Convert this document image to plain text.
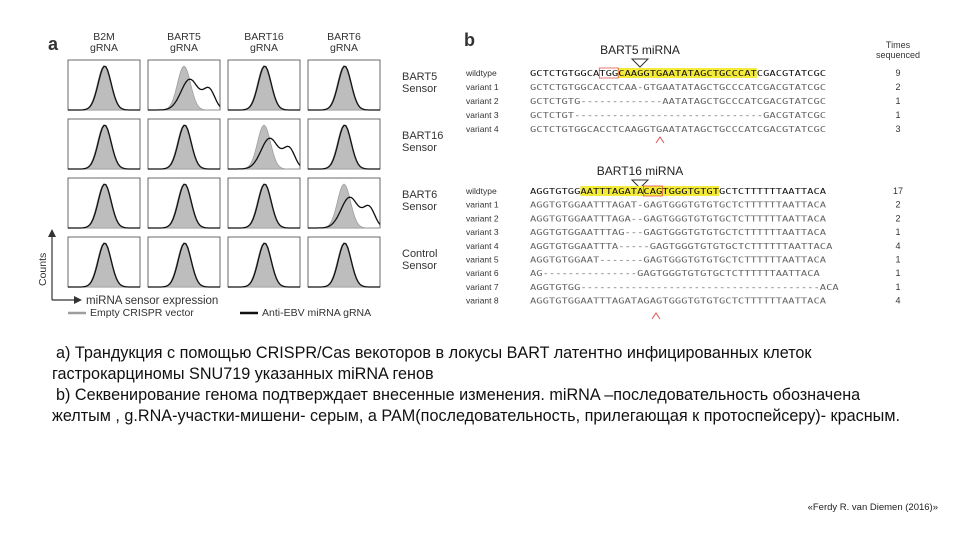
a	B2M
gRNA
BART5
gRNA
BART16
gRNA
BART6
gRNA
BART5
Sensor
BART16
Sensor
BART6
Sensor
Control
Sensor
Counts
miRNA sensor expression
Empty CRISPR vector	Anti-EBV miRNA gRNA
b	Times
sequenced
BART5 miRNA
wildtype	GCTCTGTGGCATGGCAAGGTGAATATAGCTGCCCATCGACGTATCGC	9
variant 1	GCTCTGTGGCACCTCAA-GTGAATATAGCTGCCCATCGACGTATCGC	2
variant 2	GCTCTGTG-------------AATATAGCTGCCCATCGACGTATCGC	1
variant 3	GCTCTGT------------------------------GACGTATCGC	1
variant 4	GCTCTGTGGCACCTCAAGGTGAATATAGCTGCCCATCGACGTATCGC	3
BART16 miRNA
wildtype	AGGTGTGGAATTTAGATACAGTGGGTGTGTGCTCTTTTTTAATTACA	17
variant 1	AGGTGTGGAATTTAGAT-GAGTGGGTGTGTGCTCTTTTTTAATTACA	2
variant 2	AGGTGTGGAATTTAGA--GAGTGGGTGTGTGCTCTTTTTTAATTACA	2
variant 3	AGGTGTGGAATTTAG---GAGTGGGTGTGTGCTCTTTTTTAATTACA	1
variant 4	AGGTGTGGAATTTA-----GAGTGGGTGTGTGCTCTTTTTTAATTACA	4
variant 5	AGGTGTGGAAT-------GAGTGGGTGTGTGCTCTTTTTTAATTACA	1
variant 6	AG---------------GAGTGGGTGTGTGCTCTTTTTTAATTACA	1
variant 7	AGGTGTGG--------------------------------------ACA	1
variant 8	AGGTGTGGAATTTAGATAGAGTGGGTGTGTGCTCTTTTTTAATTACA	4

a) Трандукция с помощью CRISPR/Cas векоторов в локусы BART латентно инфицированных клеток гастрокарциномы SNU719 указанных miRNA генов

b) Секвенирование генома подтверждает внесенные изменения. miRNA –последовательность обозначена желтым , g.RNA-участки-мишени- серым, а PAM(последовательность, прилегающая к протоспейсеру)- красным.

«Ferdy R. van Diemen (2016)»
